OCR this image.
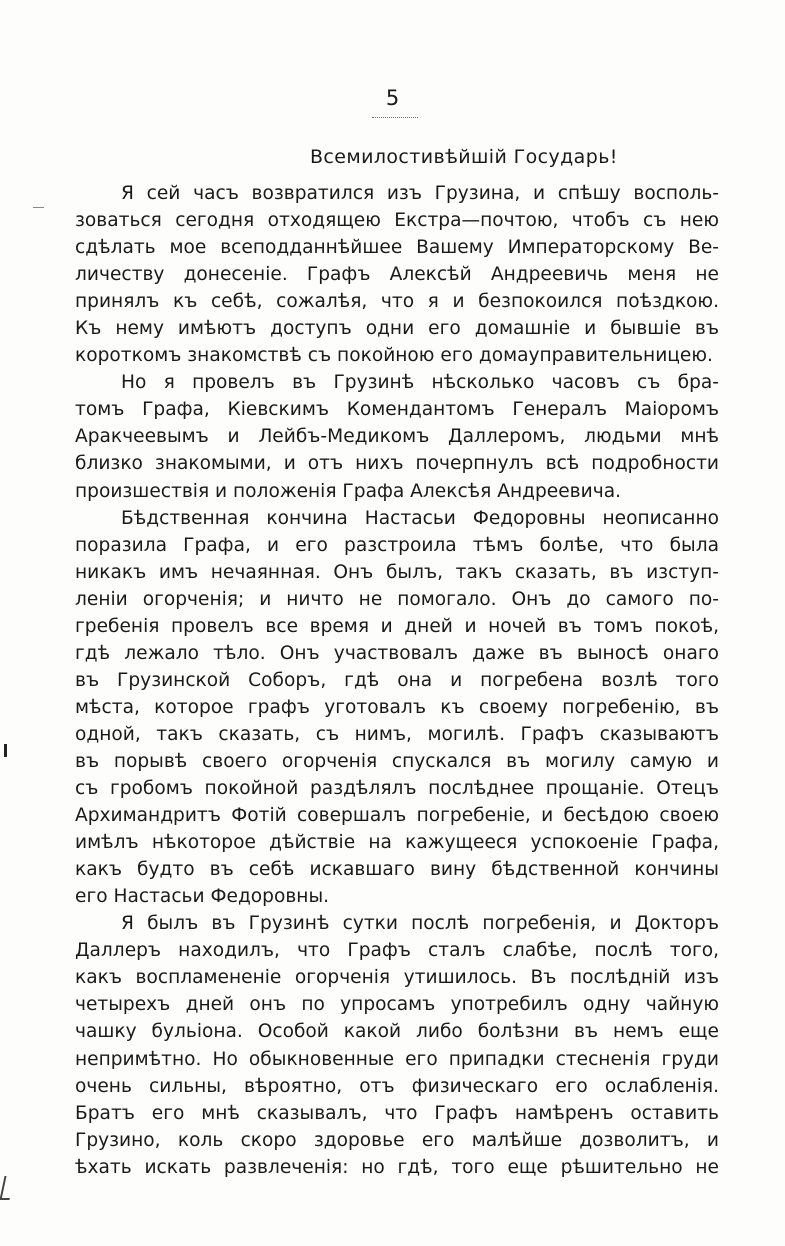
5
Всемилостивѣйшій Государь!

Я сей часъ возвратился изъ Грузина, и спѣшу восполь-
зоваться сегодня отходящею Екстра—почтою, чтобъ съ нею
сдѣлать мое всеподданнѣйшее Вашему Императорскому Ве-
личеству донесеніе. Графъ Алексѣй Андреевичь меня не
принялъ къ себѣ, сожалѣя, что я и безпокоился поѣздкою.
Къ нему имѣютъ доступъ одни его домашніе и бывшіе въ
короткомъ знакомствѣ съ покойною его домауправительницею.

Но я провелъ въ Грузинѣ нѣсколько часовъ съ бра-
томъ Графа, Кіевскимъ Комендантомъ Генералъ Маіоромъ
Аракчеевымъ и Лейбъ-Медикомъ Даллеромъ, людьми мнѣ
близко знакомыми, и отъ нихъ почерпнулъ всѣ подробности
произшествія и положенія Графа Алексѣя Андреевича.

Бѣдственная кончина Настасьи Федоровны неописанно
поразила Графа, и его разстроила тѣмъ болѣе, что была
никакъ имъ нечаянная. Онъ былъ, такъ сказать, въ изступ-
леніи огорченія; и ничто не помогало. Онъ до самого по-
гребенія провелъ все время и дней и ночей въ томъ покоѣ,
гдѣ лежало тѣло. Онъ участвовалъ даже въ выносѣ онаго
въ Грузинской Соборъ, гдѣ она и погребена возлѣ того
мѣста, которое графъ уготовалъ къ своему погребенію, въ
одной, такъ сказать, съ нимъ, могилѣ. Графъ сказываютъ
въ порывѣ своего огорченія спускался въ могилу самую и
съ гробомъ покойной раздѣлялъ послѣднее прощаніе. Отецъ
Архимандритъ Фотій совершалъ погребеніе, и бесѣдою своею
имѣлъ нѣкоторое дѣйствіе на кажущееся успокоеніе Графа,
какъ будто въ себѣ искавшаго вину бѣдственной кончины
его Настасьи Федоровны.

Я былъ въ Грузинѣ сутки послѣ погребенія, и Докторъ
Даллеръ находилъ, что Графъ сталъ слабѣе, послѣ того,
какъ воспламененіе огорченія утишилось. Въ послѣдній изъ
четырехъ дней онъ по упросамъ употребилъ одну чайную
чашку бульіона. Особой какой либо болѣзни въ немъ еще
непримѣтно. Но обыкновенные его припадки стесненія груди
очень сильны, вѣроятно, отъ физическаго его ослабленія.
Братъ его мнѣ сказывалъ, что Графъ намѣренъ оставить
Грузино, коль скоро здоровье его малѣйше дозволитъ, и
ѣхать искать развлеченія: но гдѣ, того еще рѣшительно не
